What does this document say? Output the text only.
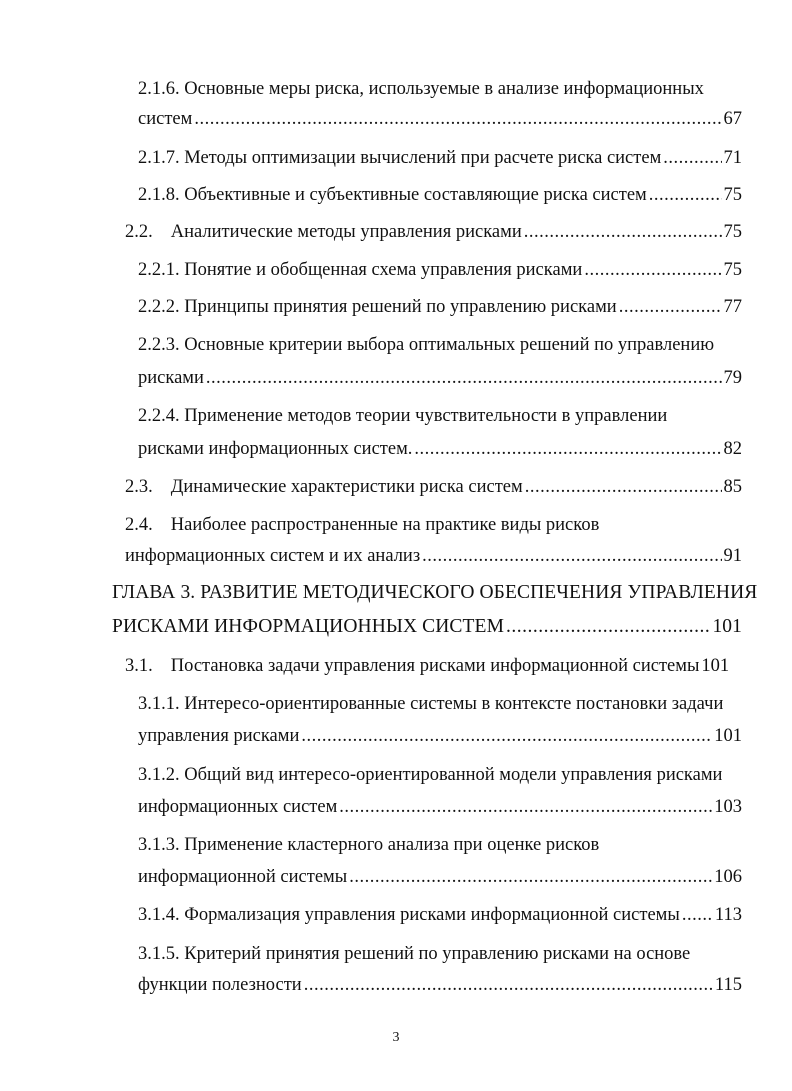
2.1.6. Основные меры риска, используемые в анализе информационных
систем .....	67
2.1.7. Методы оптимизации вычислений при расчете риска систем .....	71
2.1.8. Объективные и субъективные составляющие риска систем .....	75
2.2. Аналитические методы управления рисками .....	75
2.2.1. Понятие и обобщенная схема управления рисками .....	75
2.2.2. Принципы принятия решений по управлению рисками .....	77
2.2.3. Основные критерии выбора оптимальных решений по управлению
рисками .....	79
2.2.4. Применение методов теории чувствительности в управлении
рисками информационных систем. .....	82
2.3. Динамические характеристики риска систем .....	85
2.4. Наиболее распространенные на практике виды рисков
информационных систем и их анализ .....	91
ГЛАВА 3. РАЗВИТИЕ МЕТОДИЧЕСКОГО ОБЕСПЕЧЕНИЯ УПРАВЛЕНИЯ
РИСКАМИ ИНФОРМАЦИОННЫХ СИСТЕМ .....	101
3.1. Постановка задачи управления рисками информационной системы 101
3.1.1. Интересо-ориентированные системы в контексте постановки задачи
управления рисками .....	101
3.1.2. Общий вид интересо-ориентированной модели управления рисками
информационных систем .....	103
3.1.3. Применение кластерного анализа при оценке рисков
информационной системы .....	106
3.1.4. Формализация управления рисками информационной системы ..... 113
3.1.5. Критерий принятия решений по управлению рисками на основе
функции полезности .....	115
3
